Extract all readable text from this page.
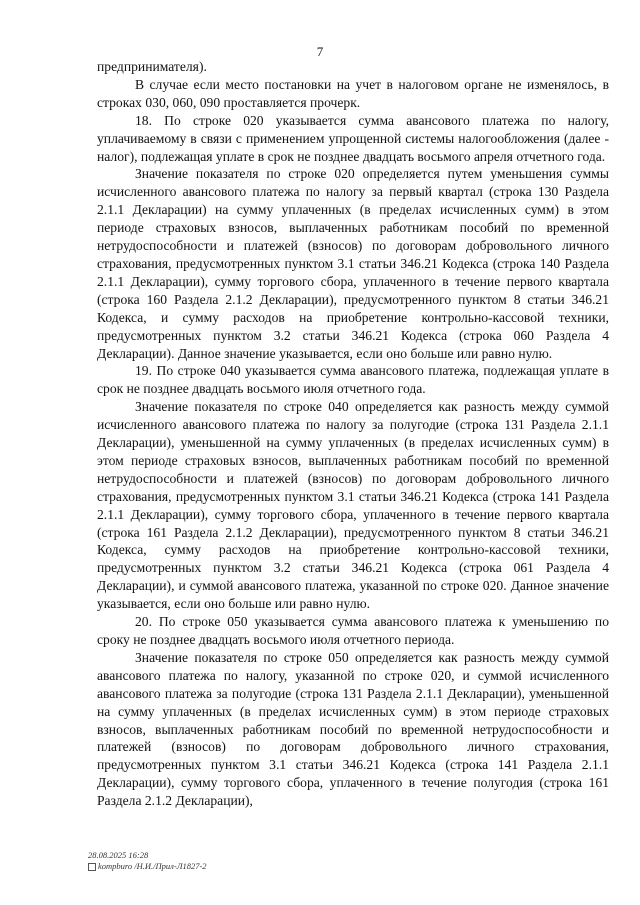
7

предпринимателя).

В случае если место постановки на учет в налоговом органе не изменялось, в строках 030, 060, 090 проставляется прочерк.

18. По строке 020 указывается сумма авансового платежа по налогу, уплачиваемому в связи с применением упрощенной системы налогообложения (далее - налог), подлежащая уплате в срок не позднее двадцать восьмого апреля отчетного года.

Значение показателя по строке 020 определяется путем уменьшения суммы исчисленного авансового платежа по налогу за первый квартал (строка 130 Раздела 2.1.1 Декларации) на сумму уплаченных (в пределах исчисленных сумм) в этом периоде страховых взносов, выплаченных работникам пособий по временной нетрудоспособности и платежей (взносов) по договорам добровольного личного страхования, предусмотренных пунктом 3.1 статьи 346.21 Кодекса (строка 140 Раздела 2.1.1 Декларации), сумму торгового сбора, уплаченного в течение первого квартала (строка 160 Раздела 2.1.2 Декларации), предусмотренного пунктом 8 статьи 346.21 Кодекса, и сумму расходов на приобретение контрольно-кассовой техники, предусмотренных пунктом 3.2 статьи 346.21 Кодекса (строка 060 Раздела 4 Декларации). Данное значение указывается, если оно больше или равно нулю.

19. По строке 040 указывается сумма авансового платежа, подлежащая уплате в срок не позднее двадцать восьмого июля отчетного года.

Значение показателя по строке 040 определяется как разность между суммой исчисленного авансового платежа по налогу за полугодие (строка 131 Раздела 2.1.1 Декларации), уменьшенной на сумму уплаченных (в пределах исчисленных сумм) в этом периоде страховых взносов, выплаченных работникам пособий по временной нетрудоспособности и платежей (взносов) по договорам добровольного личного страхования, предусмотренных пунктом 3.1 статьи 346.21 Кодекса (строка 141 Раздела 2.1.1 Декларации), сумму торгового сбора, уплаченного в течение первого квартала (строка 161 Раздела 2.1.2 Декларации), предусмотренного пунктом 8 статьи 346.21 Кодекса, сумму расходов на приобретение контрольно-кассовой техники, предусмотренных пунктом 3.2 статьи 346.21 Кодекса (строка 061 Раздела 4 Декларации), и суммой авансового платежа, указанной по строке 020. Данное значение указывается, если оно больше или равно нулю.

20. По строке 050 указывается сумма авансового платежа к уменьшению по сроку не позднее двадцать восьмого июля отчетного периода.

Значение показателя по строке 050 определяется как разность между суммой авансового платежа по налогу, указанной по строке 020, и суммой исчисленного авансового платежа за полугодие (строка 131 Раздела 2.1.1 Декларации), уменьшенной на сумму уплаченных (в пределах исчисленных сумм) в этом периоде страховых взносов, выплаченных работникам пособий по временной нетрудоспособности и платежей (взносов) по договорам добровольного личного страхования, предусмотренных пунктом 3.1 статьи 346.21 Кодекса (строка 141 Раздела 2.1.1 Декларации), сумму торгового сбора, уплаченного в течение полугодия (строка 161 Раздела 2.1.2 Декларации),

28.08.2025 16:28
kompburo /Н.И./Прил-Л1827-2
